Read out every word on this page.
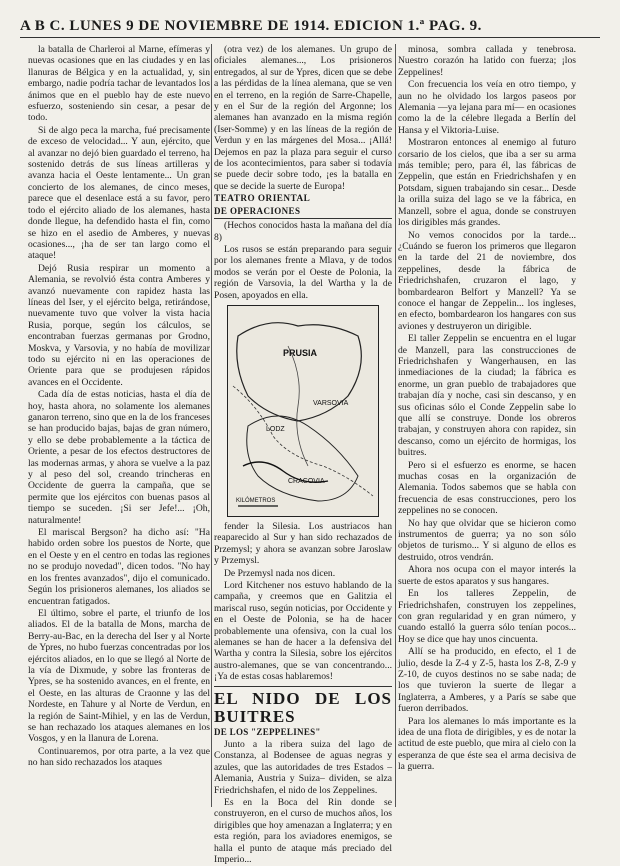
A B C. LUNES 9 DE NOVIEMBRE DE 1914. EDICION 1.ª PAG. 9.

la batalla de Charleroi al Marne, efímeras y nuevas ocasiones que en las ciudades y en las llanuras de Bélgica y en la actualidad, y, sin embargo, nadie podría tachar de levantados los ánimos que en el pueblo hay de este nuevo esfuerzo, sosteniendo sin cesar, a pesar de todo.

Si de algo peca la marcha, fué precisamente de exceso de velocidad... Y aun, ejército, que al avanzar no dejó bien guardado el terreno, ha sostenido detrás de sus líneas artilleras y avanza hacia el Oeste lentamente... Un gran concierto de los alemanes, de cinco meses, parece que el desenlace está a su favor, pero todo el ejército aliado de los alemanes, hasta donde llegue, ha defendido hasta el fin, como se hizo en el asedio de Amberes, y nuevas ocasiones..., ¡ha de ser tan largo como el ataque!

Dejó Rusia respirar un momento a Alemania, se revolvió ésta contra Amberes y avanzó nuevamente con rapidez hasta las líneas del Iser, y el ejército belga, retirándose, nuevamente tuvo que volver la vista hacia Rusia, porque, según los cálculos, se encontraban fuerzas germanas por Grodno, Moskva, y Varsovia, y no había de movilizar todo su ejército ni en las operaciones de Oriente para que se produjesen rápidos avances en el Occidente.

Cada día de estas noticias, hasta el día de hoy, hasta ahora, no solamente los alemanes ganaron terreno, sino que en la de los franceses se han producido bajas, bajas de gran número, y ello se debe probablemente a la táctica de Oriente, a pesar de los efectos destructores de las modernas armas, y ahora se vuelve a la paz y al peso del sol, creando trincheras en Occidente de guerra la campaña, que se permite que los ejércitos con buenas pasos al tiempo se suceden. ¡Si ser Jefe!... ¡Oh, naturalmente!

El mariscal Bergson? ha dicho así: "Ha habido orden sobre los puestos de Norte, que en el Oeste y en el centro en todas las regiones no se produjo novedad", dicen todos. "No hay en los frentes avanzados", dijo el comunicado. Según los prisioneros alemanes, los aliados se encuentran fatigados.

El último, sobre el parte, el triunfo de los aliados. El de la batalla de Mons, marcha de Berry-au-Bac, en la derecha del Iser y al Norte de Ypres, no hubo fuerzas concentradas por los ejércitos aliados, en lo que se llegó al Norte de la vía de Dixmude, y sobre las fronteras de Ypres, se ha sostenido avances, en el frente, en el Oeste, en las alturas de Craonne y las del Nordeste, en Tahure y al Norte de Verdun, en la región de Saint-Mihiel, y en las de Verdun, se han rechazado los ataques alemanes en los Vosgos, y en la llanura de Lorena.

Continuaremos, por otra parte, a la vez que no han sido rechazados los ataques

(otra vez) de los alemanes. Un grupo de oficiales alemanes..., Los prisioneros entregados, al sur de Ypres, dicen que se debe a las pérdidas de la línea alemana, que se ven en el terreno, en la región de Sarre-Chapelle, y en el Sur de la región del Argonne; los alemanes han avanzado en la misma región (Iser-Somme) y en las líneas de la región de Verdun y en las márgenes del Mosa... ¡Allá! Dejemos en paz la plaza para seguir el curso de los acontecimientos, para saber si todavía se puede decir sobre todo, ¡es la batalla en que se decide la suerte de Europa!

TEATRO ORIENTAL

DE OPERACIONES

(Hechos conocidos hasta la mañana del día 8)

Los rusos se están preparando para seguir por los alemanes frente a Mlava, y de todos modos se verán por el Oeste de Polonia, la región de Varsovia, la del Wartha y la de Posen, apoyados en ella.

PRUSIA
VARSOVIA
LODZ
CRACOVIA
KILÓMETROS

fender la Silesia. Los austriacos han reaparecido al Sur y han sido rechazados de Przemysl; y ahora se avanzan sobre Jaroslaw y Przemysl.

De Przemysl nada nos dicen.

Lord Kitchener nos estuvo hablando de la campaña, y creemos que en Galitzia el mariscal ruso, según noticias, por Occidente y en el Oeste de Polonia, se ha de hacer probablemente una ofensiva, con la cual los alemanes se han de hacer a la defensiva del Wartha y contra la Silesia, sobre los ejércitos austro-alemanes, que se van concentrando... ¡Ya de estas cosas hablaremos!

EL NIDO DE LOS BUITRES

DE LOS "ZEPPELINES"

Junto a la ribera suiza del lago de Constanza, al Bodensee de aguas negras y azules, que las autoridades de tres Estados –Alemania, Austria y Suiza– dividen, se alza Friedrichshafen, el nido de los Zeppelines.

Es en la Boca del Rin donde se construyeron, en el curso de muchos años, los dirigibles que hoy amenazan a Inglaterra; y en esta región, para los aviadores enemigos, se halla el punto de ataque más preciado del Imperio...

minosa, sombra callada y tenebrosa. Nuestro corazón ha latido con fuerza; ¡los Zeppelines!

Con frecuencia los veía en otro tiempo, y aun no he olvidado los largos paseos por Alemania —ya lejana para mí— en ocasiones como la de la célebre llegada a Berlín del Hansa y el Viktoria-Luise.

Mostraron entonces al enemigo al futuro corsario de los cielos, que iba a ser su arma más temible; pero, para él, las fábricas de Zeppelin, que están en Friedrichshafen y en Potsdam, siguen trabajando sin cesar... Desde la orilla suiza del lago se ve la fábrica, en Manzell, sobre el agua, donde se construyen los dirigibles más grandes.

No vemos conocidos por la tarde... ¿Cuándo se fueron los primeros que llegaron en la tarde del 21 de noviembre, dos zeppelines, desde la fábrica de Friedrichshafen, cruzaron el lago, y bombardearon Belfort y Manzell? Ya se conoce el hangar de Zeppelin... los ingleses, en efecto, bombardearon los hangares con sus aviones y destruyeron un dirigible.

El taller Zeppelin se encuentra en el lugar de Manzell, para las construcciones de Friedrichshafen y Wangerhausen, en las inmediaciones de la ciudad; la fábrica es enorme, un gran pueblo de trabajadores que trabajan día y noche, casi sin descanso, y en sus oficinas sólo el Conde Zeppelin sabe lo que allí se construye. Donde los obreros trabajan, y construyen ahora con rapidez, sin descanso, como un ejército de hormigas, los buitres.

Pero si el esfuerzo es enorme, se hacen muchas cosas en la organización de Alemania. Todos sabemos que se habla con frecuencia de esas construcciones, pero los zeppelines no se conocen.

No hay que olvidar que se hicieron como instrumentos de guerra; ya no son sólo objetos de turismo... Y si alguno de ellos es destruido, otros vendrán.

Ahora nos ocupa con el mayor interés la suerte de estos aparatos y sus hangares.

En los talleres Zeppelin, de Friedrichshafen, construyen los zeppelines, con gran regularidad y en gran número, y cuando estalló la guerra sólo tenían pocos... Hoy se dice que hay unos cincuenta.

Allí se ha producido, en efecto, el 1 de julio, desde la Z-4 y Z-5, hasta los Z-8, Z-9 y Z-10, de cuyos destinos no se sabe nada; de los que tuvieron la suerte de llegar a Inglaterra, a Amberes, y a París se sabe que fueron derribados.

Para los alemanes lo más importante es la idea de una flota de dirigibles, y es de notar la actitud de este pueblo, que mira al cielo con la esperanza de que éste sea el arma decisiva de la guerra.
